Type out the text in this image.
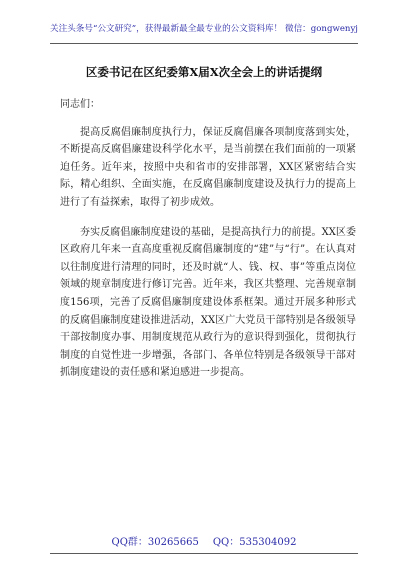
关注头条号“公文研究”，获得最新最全最专业的公文资料库！ 微信：gongwenyj
区委书记在区纪委第X届X次全会上的讲话提纲

同志们：

提高反腐倡廉制度执行力，保证反腐倡廉各项制度落到实处，不断提高反腐倡廉建设科学化水平，是当前摆在我们面前的一项紧迫任务。近年来，按照中央和省市的安排部署，XX区紧密结合实际，精心组织、全面实施，在反腐倡廉制度建设及执行力的提高上进行了有益探索，取得了初步成效。

夯实反腐倡廉制度建设的基础，是提高执行力的前提。XX区委区政府几年来一直高度重视反腐倡廉制度的“建”与“行”。在认真对以往制度进行清理的同时，还及时就“人、钱、权、事”等重点岗位领域的规章制度进行修订完善。近年来，我区共整理、完善规章制度156项，完善了反腐倡廉制度建设体系框架。通过开展多种形式的反腐倡廉制度建设推进活动，XX区广大党员干部特别是各级领导干部按制度办事、用制度规范从政行为的意识得到强化，贯彻执行制度的自觉性进一步增强，各部门、各单位特别是各级领导干部对抓制度建设的责任感和紧迫感进一步提高。

QQ群：30265665 QQ：535304092
